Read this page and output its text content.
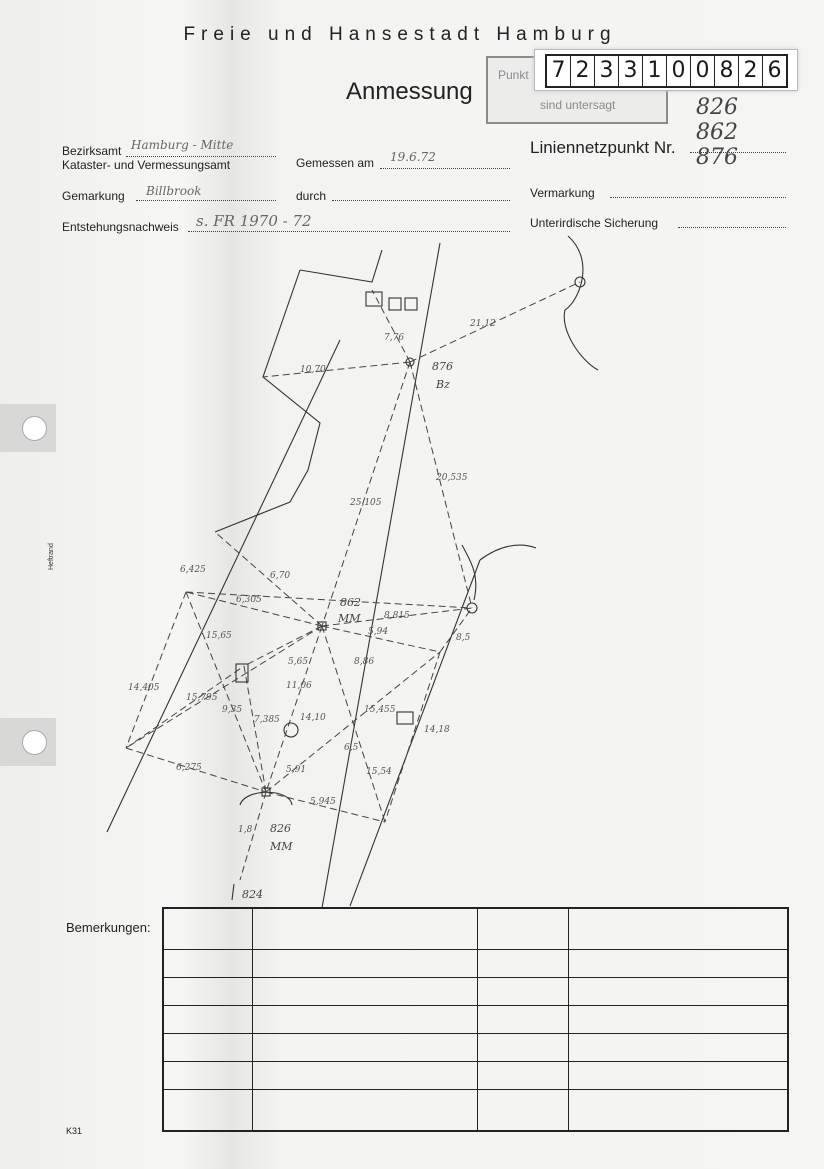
Freie und Hansestadt Hamburg
Anmessung
Punkt
sind untersagt
7 2 3 3 1 0 0 8 2 6
Bezirksamt Hamburg - Mitte
Kataster- und Vermessungsamt	Gemessen am 19.6.72
Gemarkung Billbrook	durch
Entstehungsnachweis s. FR 1970 - 72
Liniennetzpunkt Nr.
826
862
876
Vermarkung
Unterirdische Sicherung
Heftrand
876
Bz
862
MM
826
MM
824
21,12
10,70
7,76
25,105
20,535
6,70
6,305
8,815
5,94
6,425
15,65
14,405
15,795
5,65
11,06
14,10
8,86
15,455
6,275
5,945
8,5
14,18
9,35
7,385
6,5
15,54
5,91
1,8
Bemerkungen:

K31
